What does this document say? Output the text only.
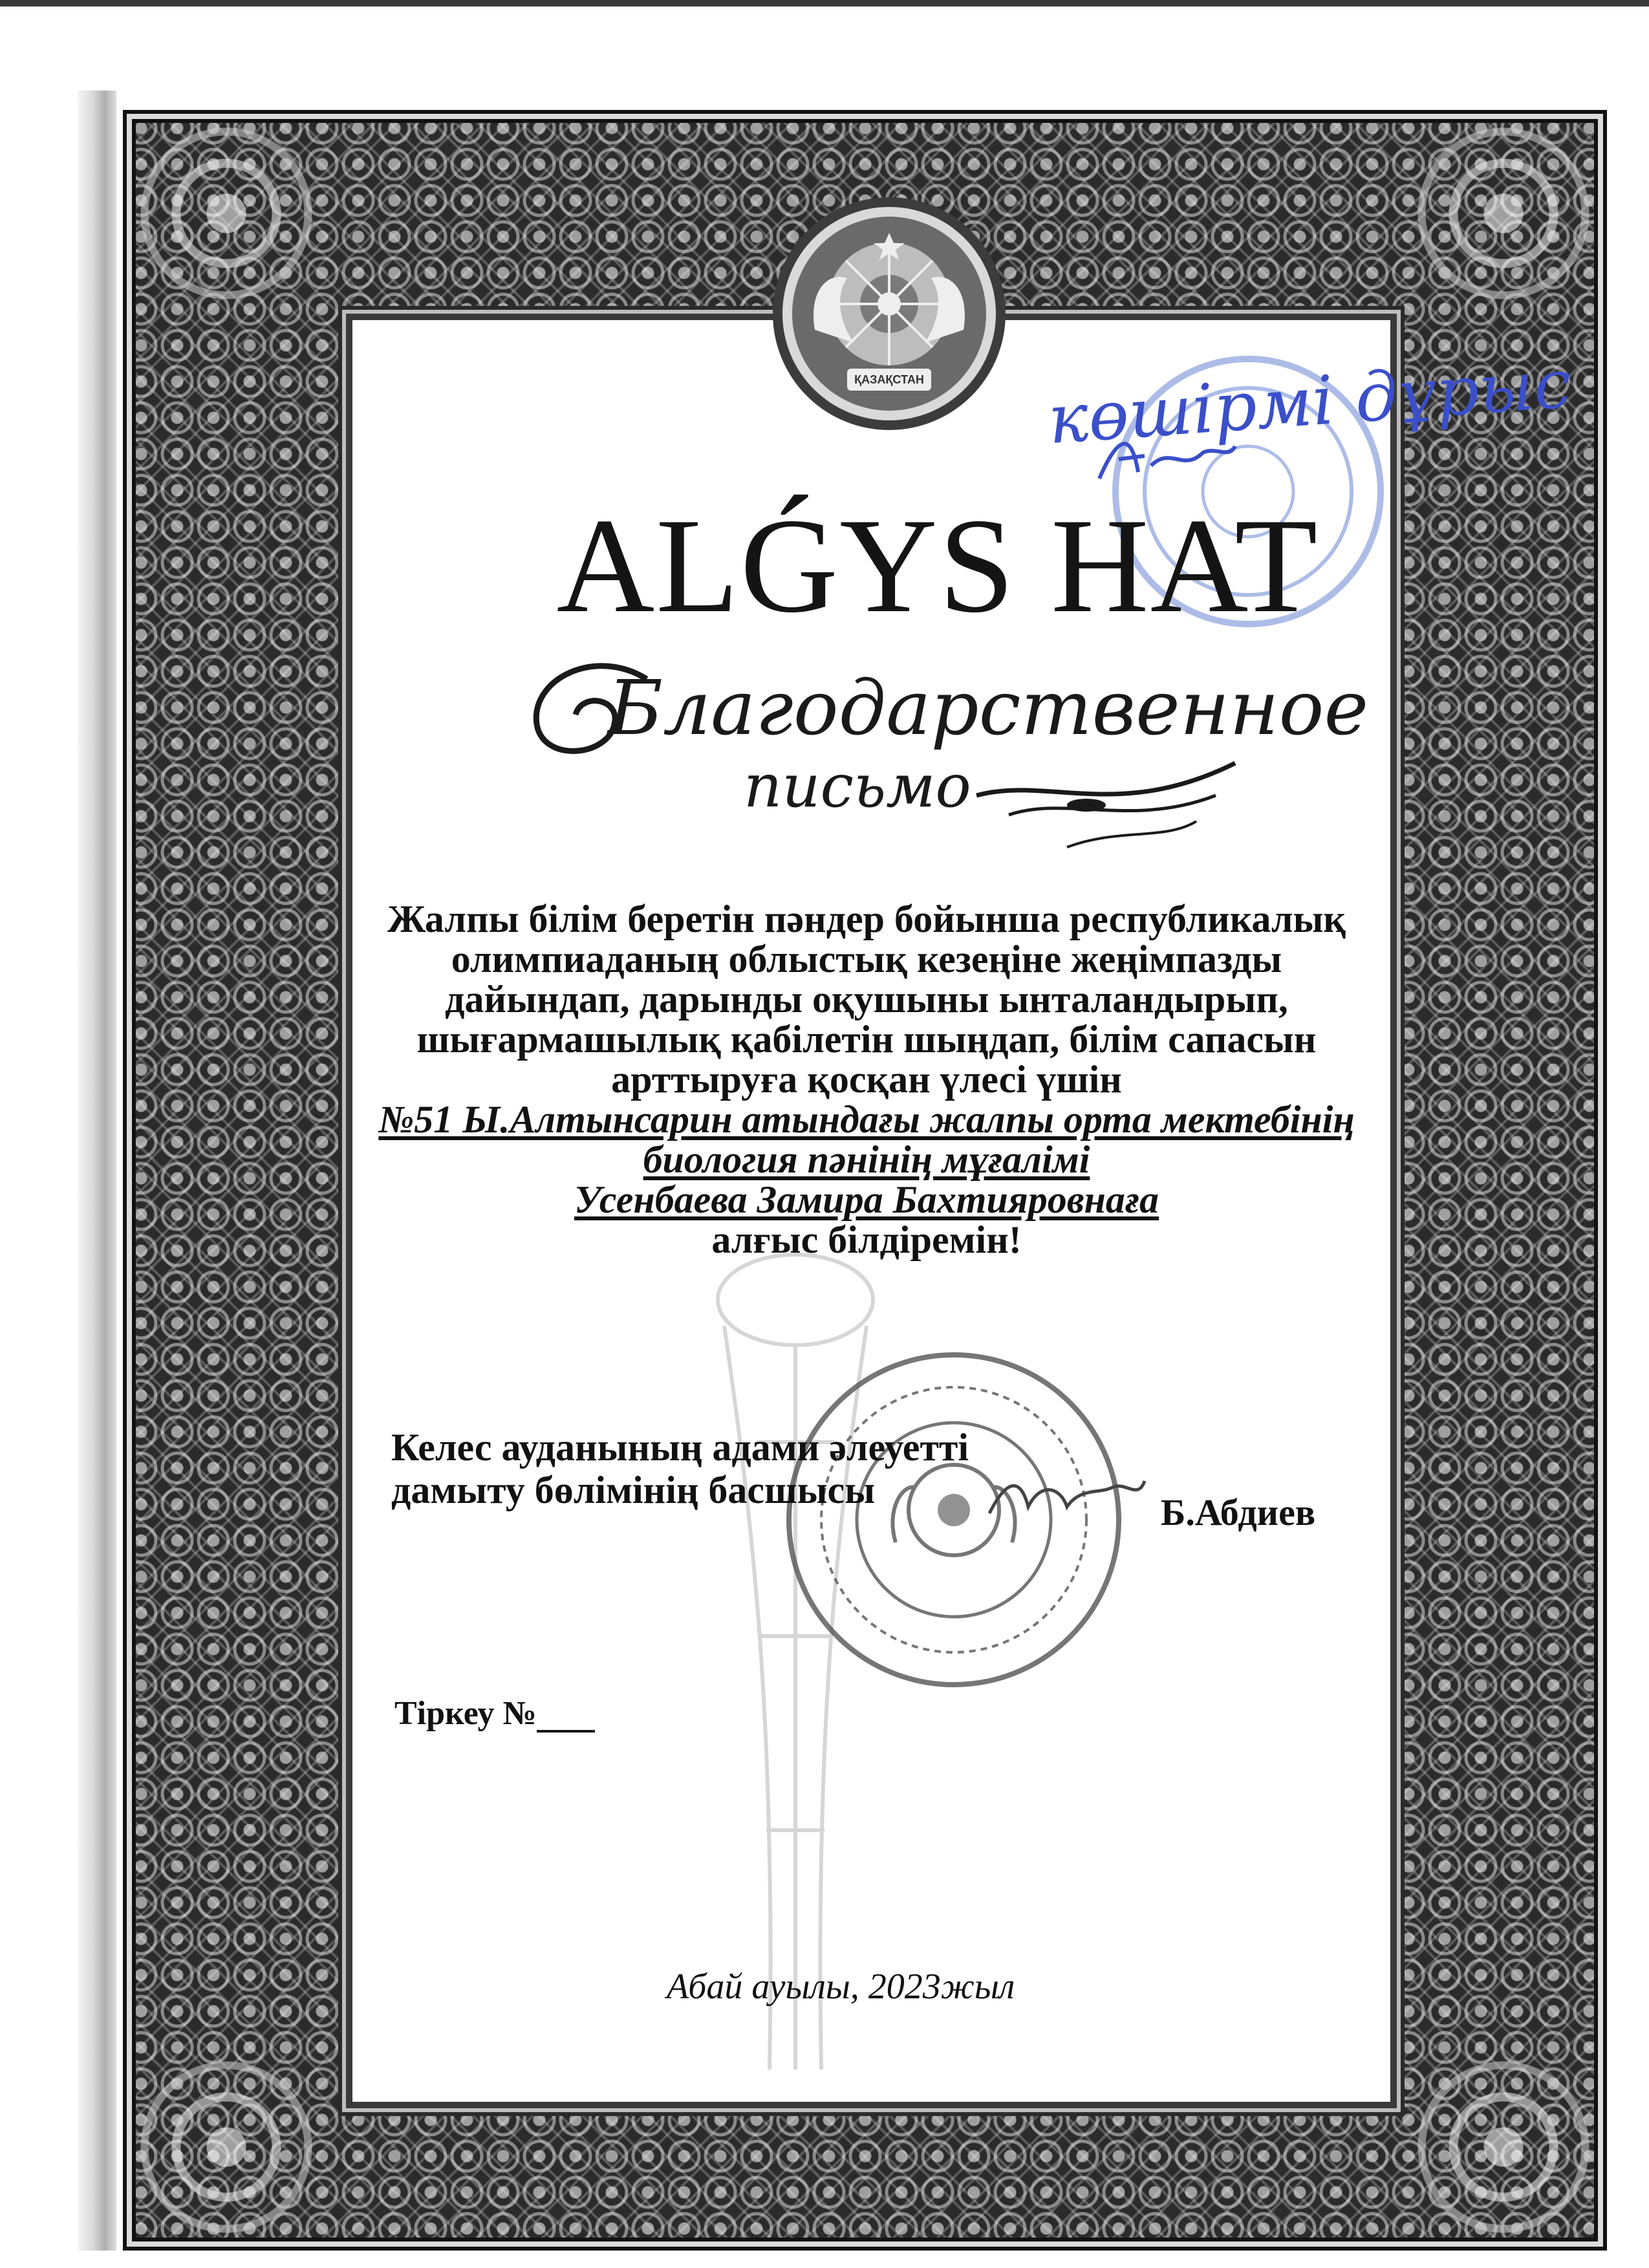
ҚАЗАҚСТАН көшірмі дұрыс
ALǴYS HAT
Благодарственное
письмо
Жалпы білім беретін пәндер бойынша республикалық
олимпиаданың облыстық кезеңіне жеңімпазды
дайындап, дарынды оқушыны ынталандырып,
шығармашылық қабілетін шыңдап, білім сапасын
арттыруға қосқан үлесі үшін
№51 Ы.Алтынсарин атындағы жалпы орта мектебінің
биология пәнінің мұғалімі
Усенбаева Замира Бахтияровнаға
алғыс білдіремін!
Келес ауданының адами әлеуетті
дамыту бөлімінің басшысы
Б.Абдиев
Тіркеу №
Абай ауылы, 2023жыл
